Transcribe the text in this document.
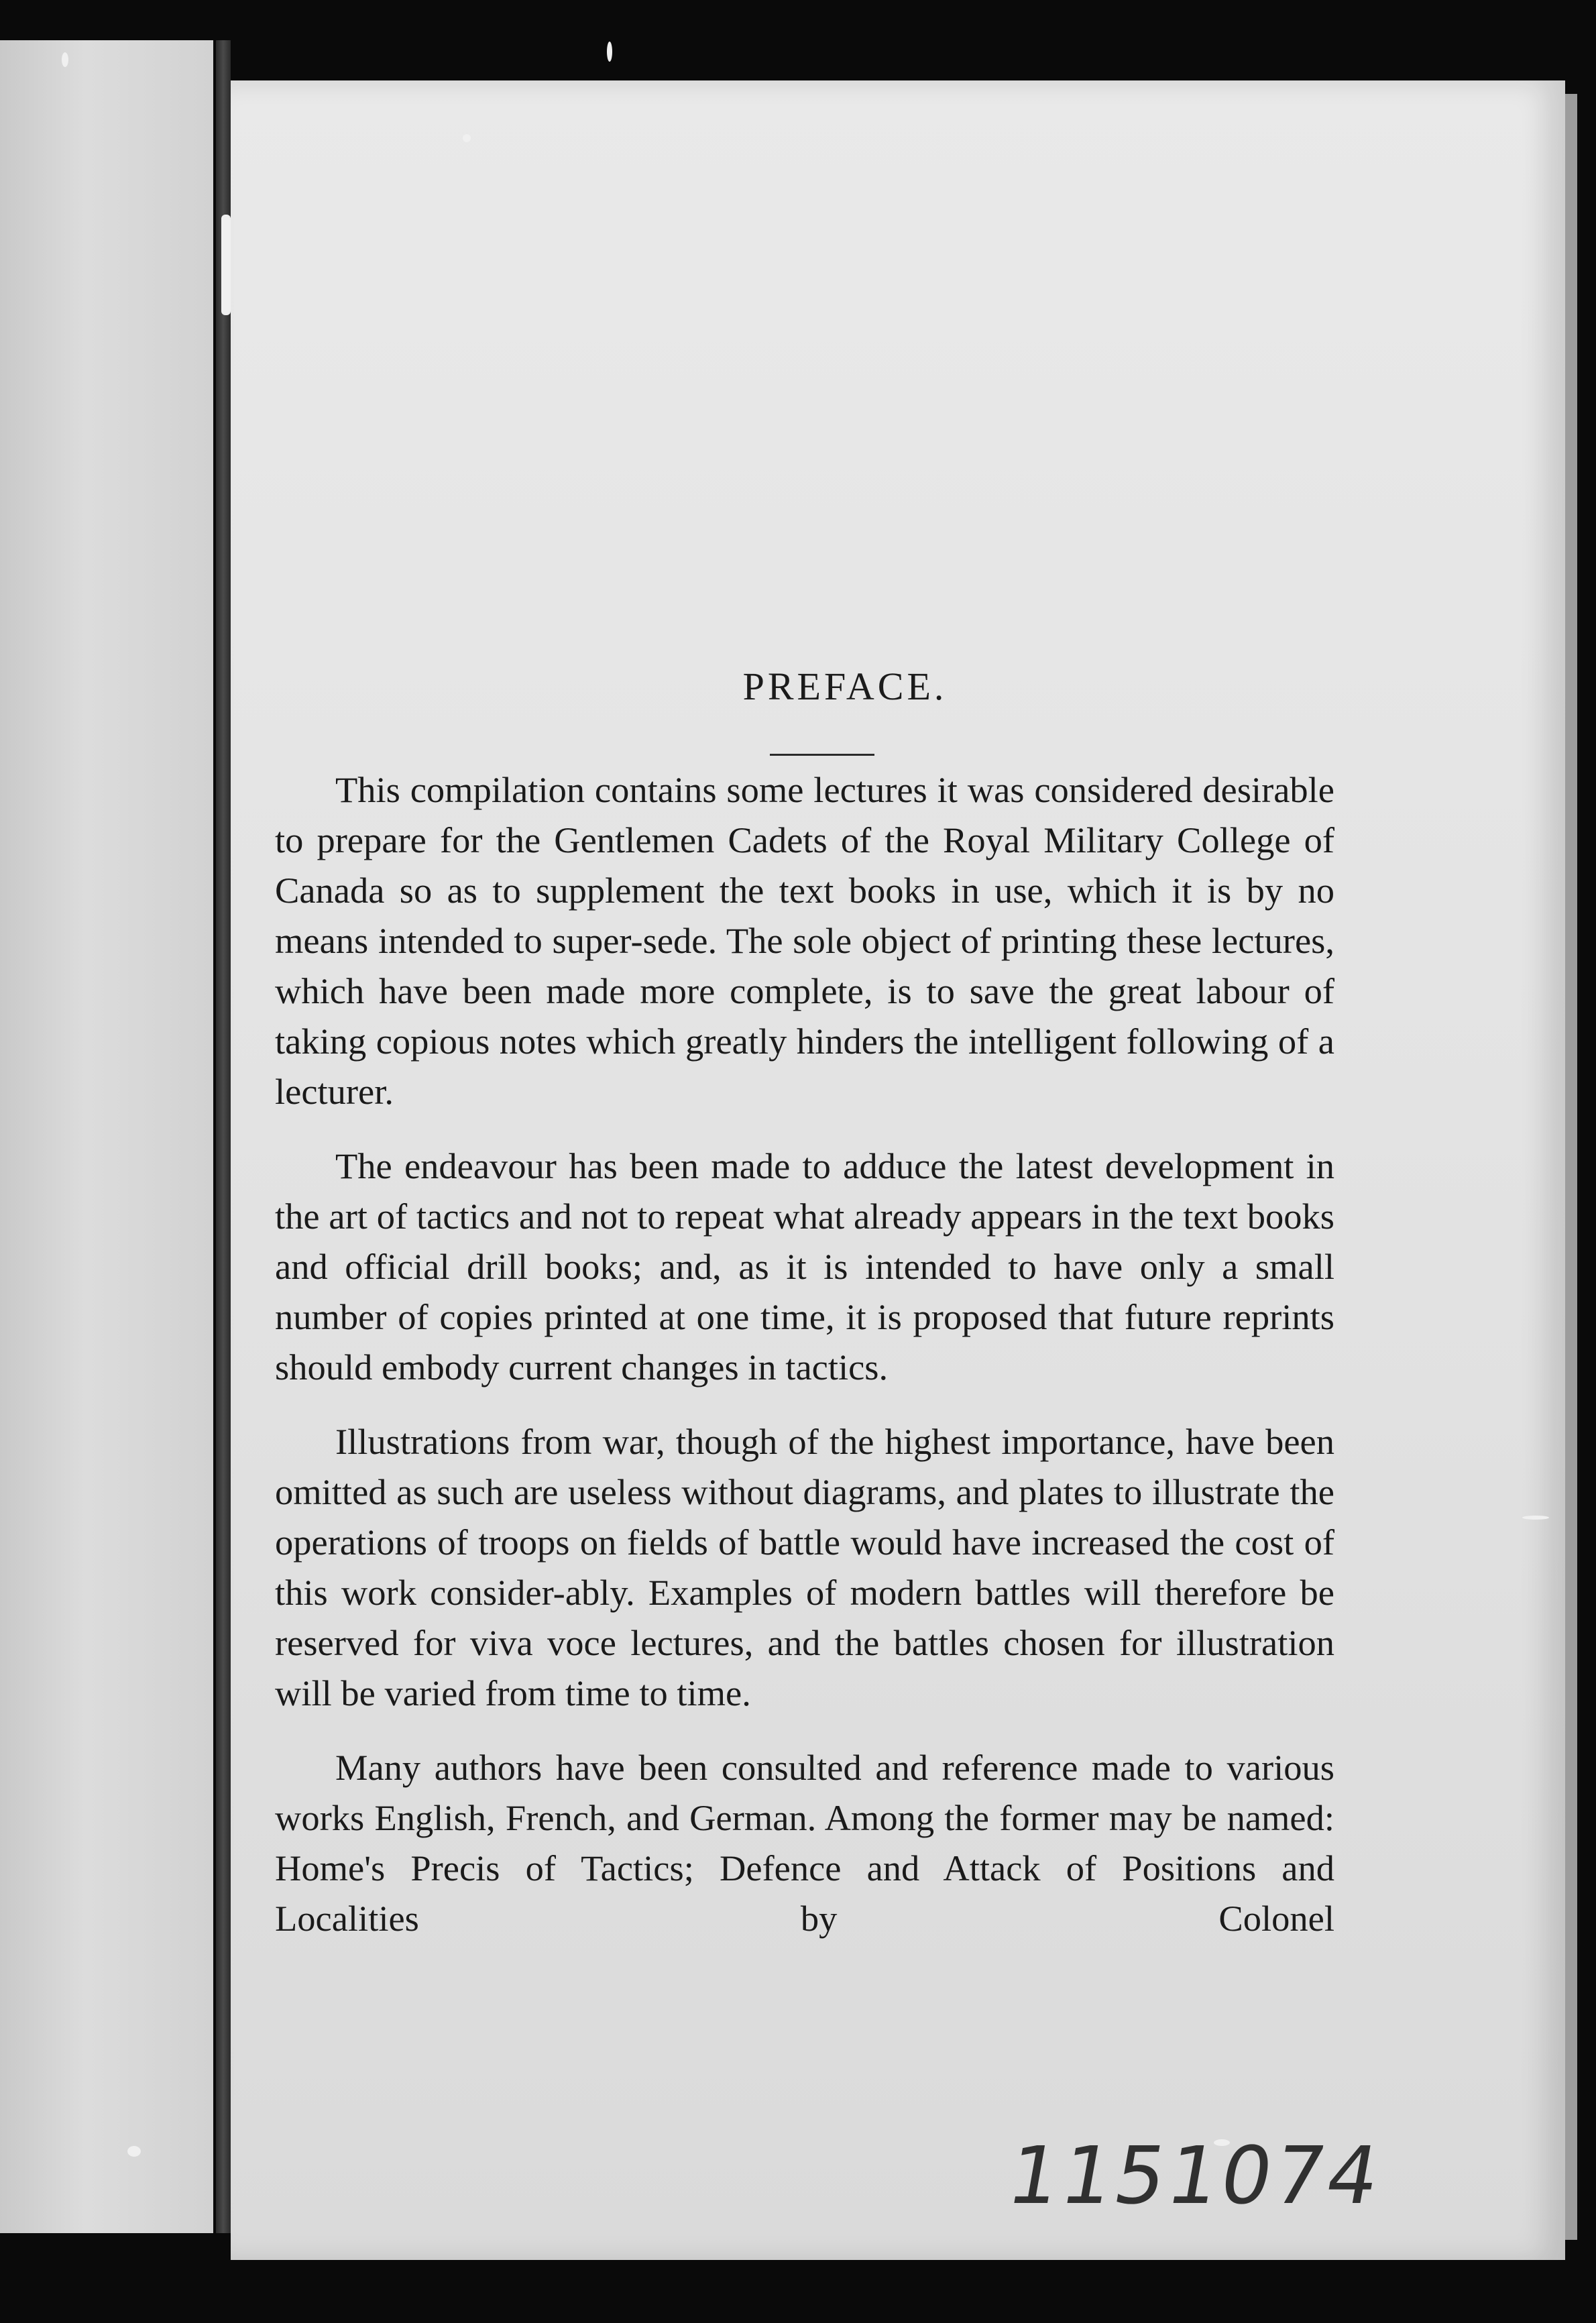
PREFACE.

This compilation contains some lectures it was considered desirable to prepare for the Gentlemen Cadets of the Royal Military College of Canada so as to supplement the text books in use, which it is by no means intended to super-sede. The sole object of printing these lectures, which have been made more complete, is to save the great labour of taking copious notes which greatly hinders the intelligent following of a lecturer.

The endeavour has been made to adduce the latest development in the art of tactics and not to repeat what already appears in the text books and official drill books; and, as it is intended to have only a small number of copies printed at one time, it is proposed that future reprints should embody current changes in tactics.

Illustrations from war, though of the highest importance, have been omitted as such are useless without diagrams, and plates to illustrate the operations of troops on fields of battle would have increased the cost of this work consider-ably. Examples of modern battles will therefore be reserved for viva voce lectures, and the battles chosen for illustration will be varied from time to time.

Many authors have been consulted and reference made to various works English, French, and German. Among the former may be named: Home's Precis of Tactics; Defence and Attack of Positions and Localities by Colonel

1151074
